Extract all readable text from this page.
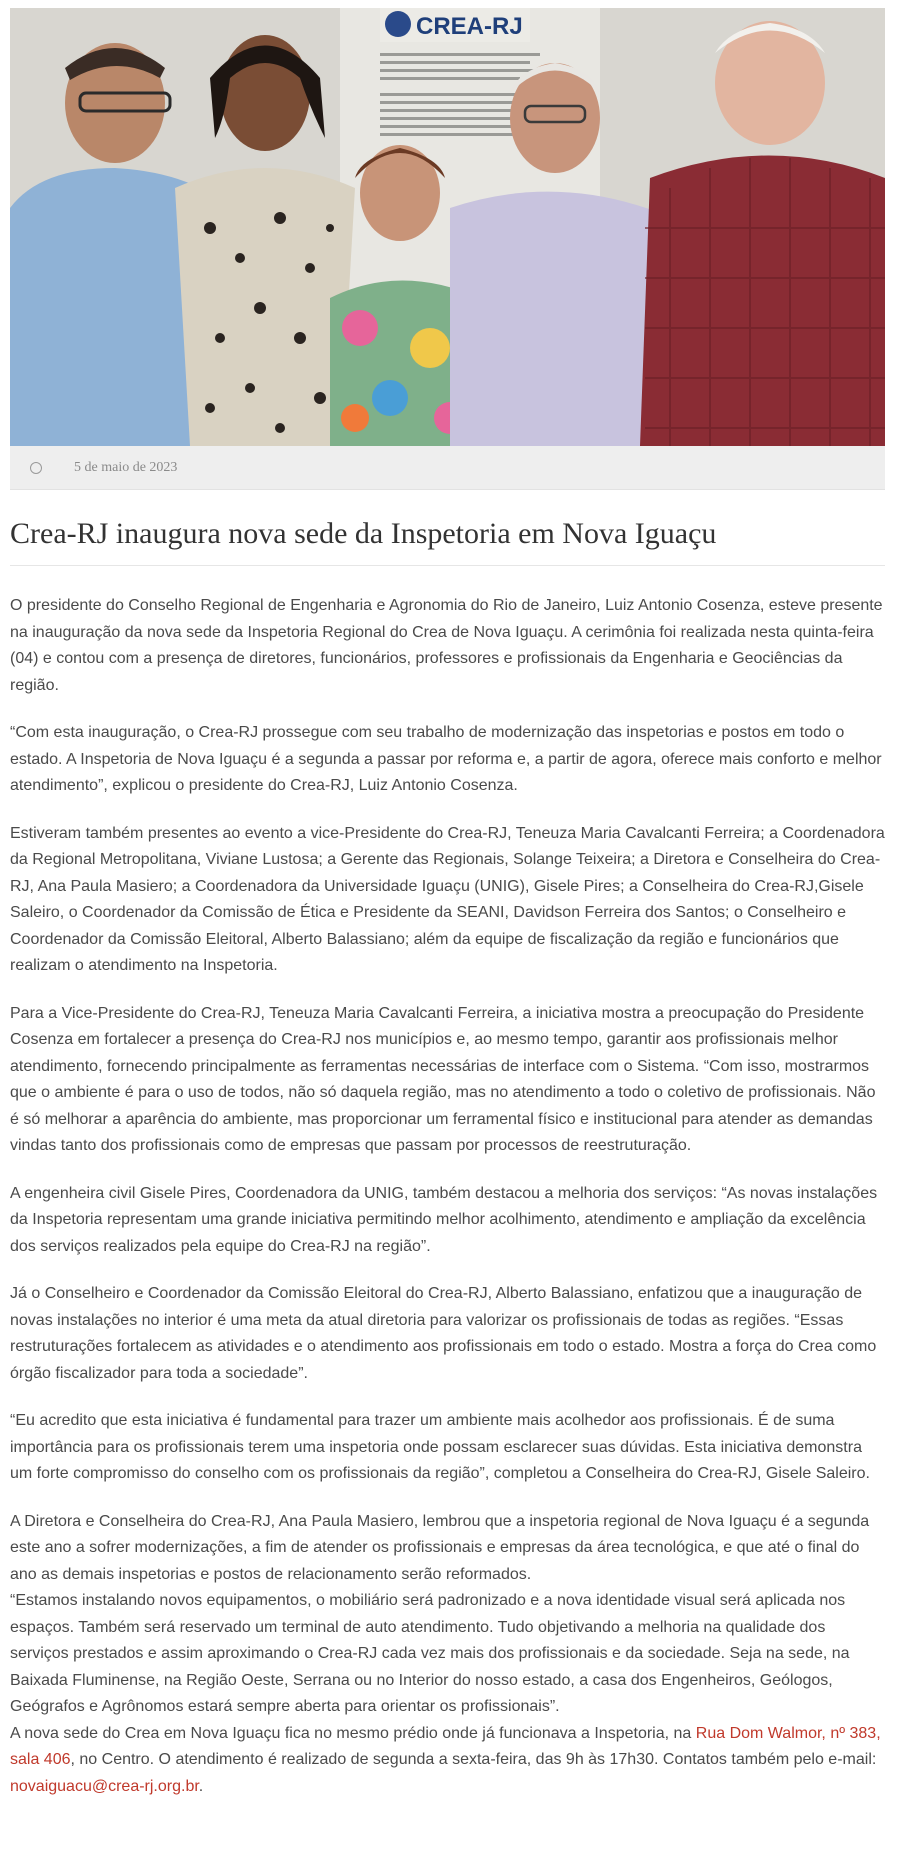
CREA-RJ
5 de maio de 2023
Crea-RJ inaugura nova sede da Inspetoria em Nova Iguaçu

O presidente do Conselho Regional de Engenharia e Agronomia do Rio de Janeiro, Luiz Antonio Cosenza, esteve presente na inauguração da nova sede da Inspetoria Regional do Crea de Nova Iguaçu. A cerimônia foi realizada nesta quinta-feira (04) e contou com a presença de diretores, funcionários, professores e profissionais da Engenharia e Geociências da região.

“Com esta inauguração, o Crea-RJ prossegue com seu trabalho de modernização das inspetorias e postos em todo o estado. A Inspetoria de Nova Iguaçu é a segunda a passar por reforma e, a partir de agora, oferece mais conforto e melhor atendimento”, explicou o presidente do Crea-RJ, Luiz Antonio Cosenza.

Estiveram também presentes ao evento a vice-Presidente do Crea-RJ, Teneuza Maria Cavalcanti Ferreira; a Coordenadora da Regional Metropolitana, Viviane Lustosa; a Gerente das Regionais, Solange Teixeira; a Diretora e Conselheira do Crea-RJ, Ana Paula Masiero; a Coordenadora da Universidade Iguaçu (UNIG), Gisele Pires; a Conselheira do Crea-RJ,Gisele Saleiro, o Coordenador da Comissão de Ética e Presidente da SEANI, Davidson Ferreira dos Santos; o Conselheiro e Coordenador da Comissão Eleitoral, Alberto Balassiano; além da equipe de fiscalização da região e funcionários que realizam o atendimento na Inspetoria.

Para a Vice-Presidente do Crea-RJ, Teneuza Maria Cavalcanti Ferreira, a iniciativa mostra a preocupação do Presidente Cosenza em fortalecer a presença do Crea-RJ nos municípios e, ao mesmo tempo, garantir aos profissionais melhor atendimento, fornecendo principalmente as ferramentas necessárias de interface com o Sistema. “Com isso, mostrarmos que o ambiente é para o uso de todos, não só daquela região, mas no atendimento a todo o coletivo de profissionais. Não é só melhorar a aparência do ambiente, mas proporcionar um ferramental físico e institucional para atender as demandas vindas tanto dos profissionais como de empresas que passam por processos de reestruturação.

A engenheira civil Gisele Pires, Coordenadora da UNIG, também destacou a melhoria dos serviços: “As novas instalações da Inspetoria representam uma grande iniciativa permitindo melhor acolhimento, atendimento e ampliação da excelência dos serviços realizados pela equipe do Crea-RJ na região”.

Já o Conselheiro e Coordenador da Comissão Eleitoral do Crea-RJ, Alberto Balassiano, enfatizou que a inauguração de novas instalações no interior é uma meta da atual diretoria para valorizar os profissionais de todas as regiões. “Essas restruturações fortalecem as atividades e o atendimento aos profissionais em todo o estado. Mostra a força do Crea como órgão fiscalizador para toda a sociedade”.

“Eu acredito que esta iniciativa é fundamental para trazer um ambiente mais acolhedor aos profissionais. É de suma importância para os profissionais terem uma inspetoria onde possam esclarecer suas dúvidas. Esta iniciativa demonstra um forte compromisso do conselho com os profissionais da região”, completou a Conselheira do Crea-RJ, Gisele Saleiro.

A Diretora e Conselheira do Crea-RJ, Ana Paula Masiero, lembrou que a inspetoria regional de Nova Iguaçu é a segunda este ano a sofrer modernizações, a fim de atender os profissionais e empresas da área tecnológica, e que até o final do ano as demais inspetorias e postos de relacionamento serão reformados.

“Estamos instalando novos equipamentos, o mobiliário será padronizado e a nova identidade visual será aplicada nos espaços. Também será reservado um terminal de auto atendimento. Tudo objetivando a melhoria na qualidade dos serviços prestados e assim aproximando o Crea-RJ cada vez mais dos profissionais e da sociedade. Seja na sede, na Baixada Fluminense, na Região Oeste, Serrana ou no Interior do nosso estado, a casa dos Engenheiros, Geólogos, Geógrafos e Agrônomos estará sempre aberta para orientar os profissionais”.

A nova sede do Crea em Nova Iguaçu fica no mesmo prédio onde já funcionava a Inspetoria, na Rua Dom Walmor, nº 383, sala 406, no Centro. O atendimento é realizado de segunda a sexta-feira, das 9h às 17h30. Contatos também pelo e-mail: novaiguacu@crea-rj.org.br.
